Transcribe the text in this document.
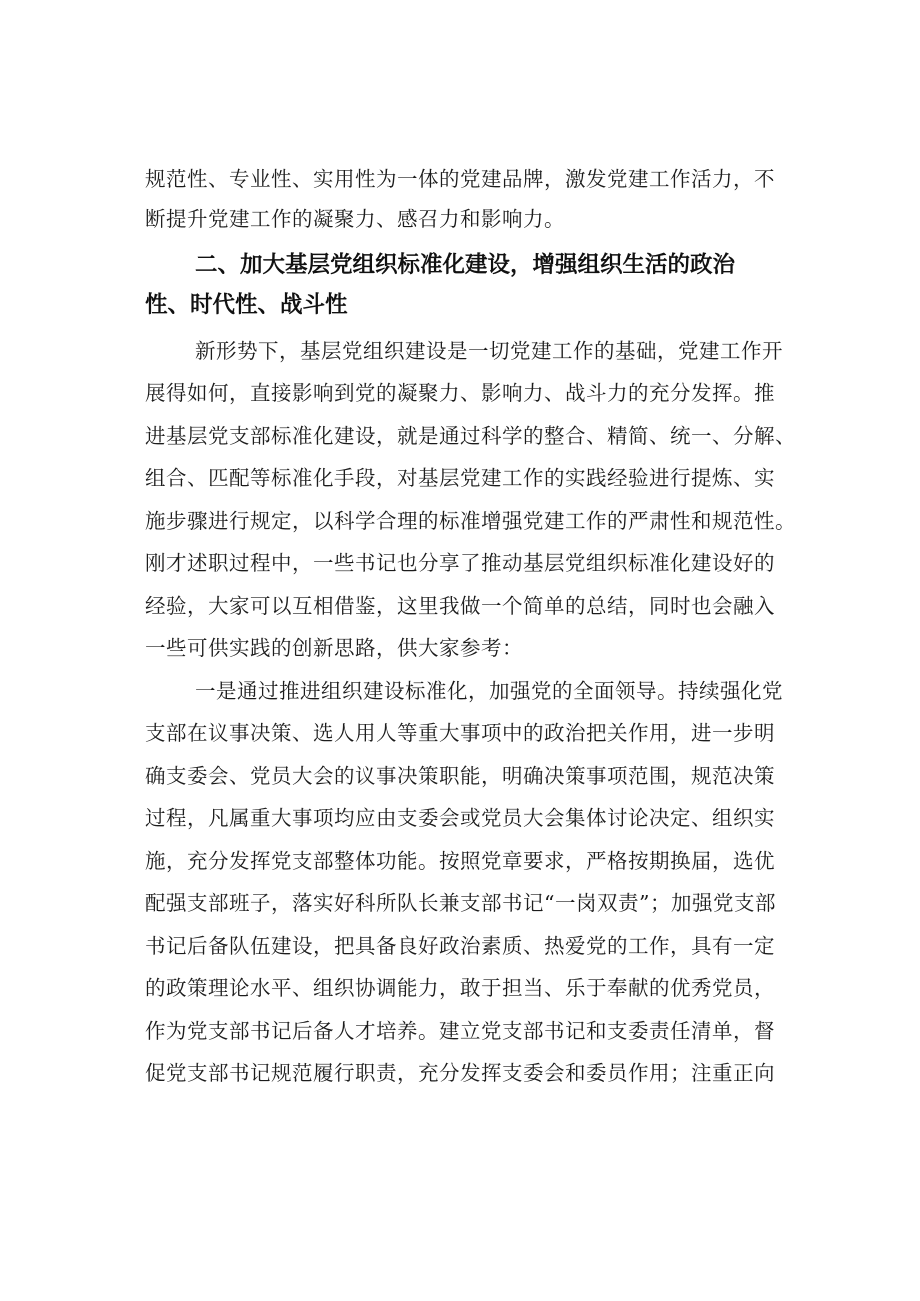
规范性、专业性、实用性为一体的党建品牌，激发党建工作活力，不

断提升党建工作的凝聚力、感召力和影响力。

二、加大基层党组织标准化建设，增强组织生活的政治
性、时代性、战斗性

新形势下，基层党组织建设是一切党建工作的基础，党建工作开

展得如何，直接影响到党的凝聚力、影响力、战斗力的充分发挥。推

进基层党支部标准化建设，就是通过科学的整合、精简、统一、分解、

组合、匹配等标准化手段，对基层党建工作的实践经验进行提炼、实

施步骤进行规定，以科学合理的标准增强党建工作的严肃性和规范性。

刚才述职过程中，一些书记也分享了推动基层党组织标准化建设好的

经验，大家可以互相借鉴，这里我做一个简单的总结，同时也会融入

一些可供实践的创新思路，供大家参考：

一是通过推进组织建设标准化，加强党的全面领导。持续强化党

支部在议事决策、选人用人等重大事项中的政治把关作用，进一步明

确支委会、党员大会的议事决策职能，明确决策事项范围，规范决策

过程，凡属重大事项均应由支委会或党员大会集体讨论决定、组织实

施，充分发挥党支部整体功能。按照党章要求，严格按期换届，选优

配强支部班子，落实好科所队长兼支部书记“一岗双责”；加强党支部

书记后备队伍建设，把具备良好政治素质、热爱党的工作，具有一定

的政策理论水平、组织协调能力，敢于担当、乐于奉献的优秀党员，

作为党支部书记后备人才培养。建立党支部书记和支委责任清单，督

促党支部书记规范履行职责，充分发挥支委会和委员作用；注重正向
